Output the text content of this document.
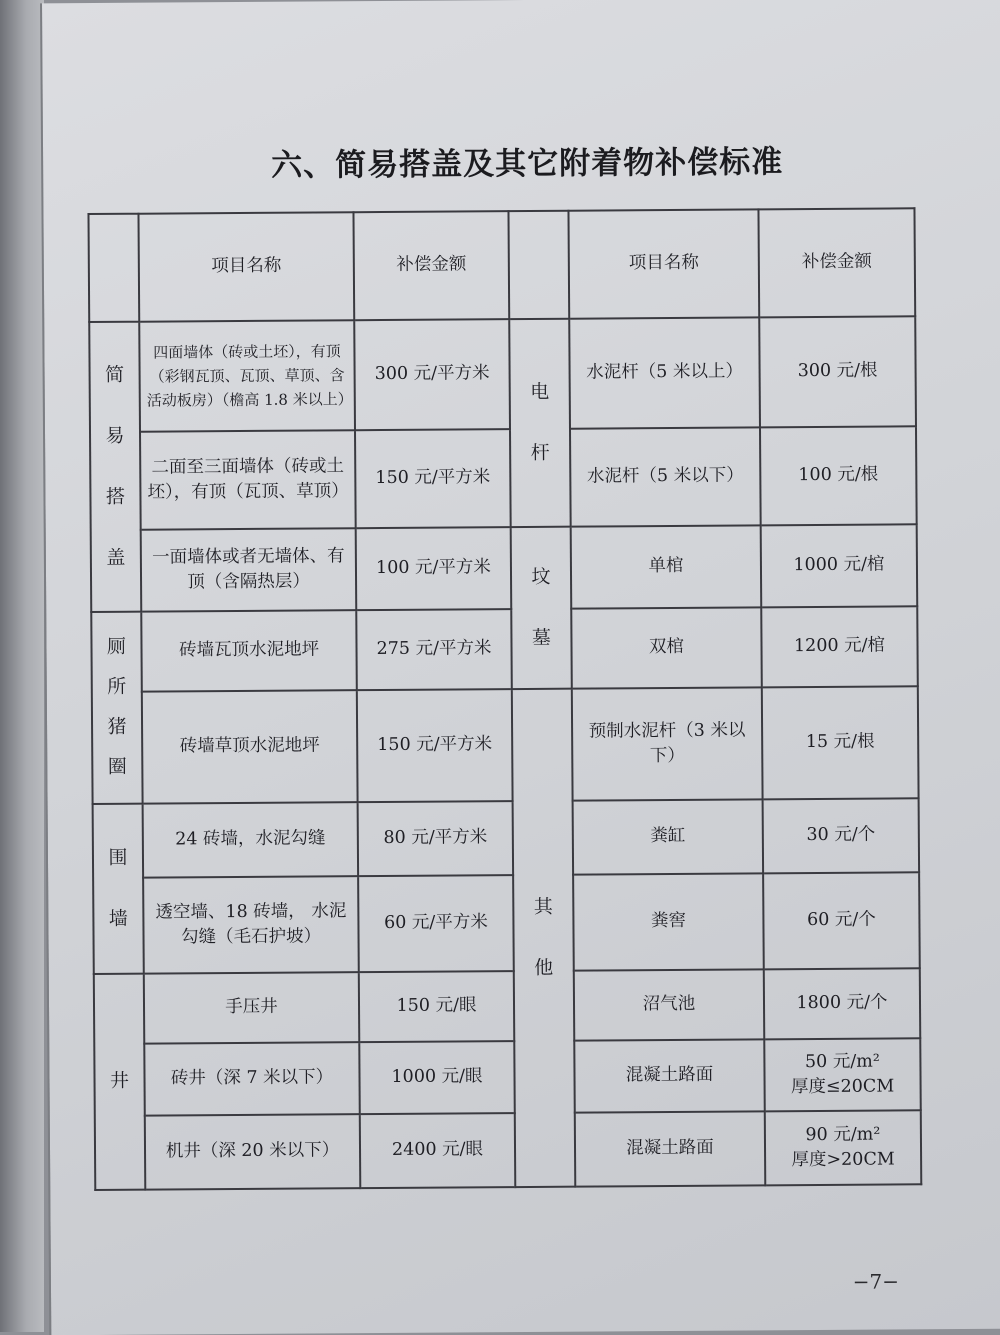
六、简易搭盖及其它附着物补偿标准
	项目名称	补偿金额		项目名称	补偿金额
简易搭盖	四面墙体（砖或土坯），有顶（彩钢瓦顶、瓦顶、草顶、含活动板房）（檐高 1.8 米以上）	300 元/平方米	电杆	水泥杆（5 米以上）	300 元/根
	二面至三面墙体（砖或土坯），有顶（瓦顶、草顶）	150 元/平方米		水泥杆（5 米以下）	100 元/根
	一面墙体或者无墙体、有顶（含隔热层）	100 元/平方米	坟墓	单棺	1000 元/棺
厕所猪圈	砖墙瓦顶水泥地坪	275 元/平方米		双棺	1200 元/棺
	砖墙草顶水泥地坪	150 元/平方米	其他	预制水泥杆（3 米以下）	15 元/根
围墙	24 砖墙，水泥勾缝	80 元/平方米		粪缸	30 元/个
	透空墙、18 砖墙， 水泥勾缝（毛石护坡）	60 元/平方米		粪窖	60 元/个
井	手压井	150 元/眼		沼气池	1800 元/个
	砖井（深 7 米以下）	1000 元/眼		混凝土路面	50 元/m²
厚度≤20CM

	机井（深 20 米以下）	2400 元/眼		混凝土路面	90 元/m²
厚度>20CM
−7−
